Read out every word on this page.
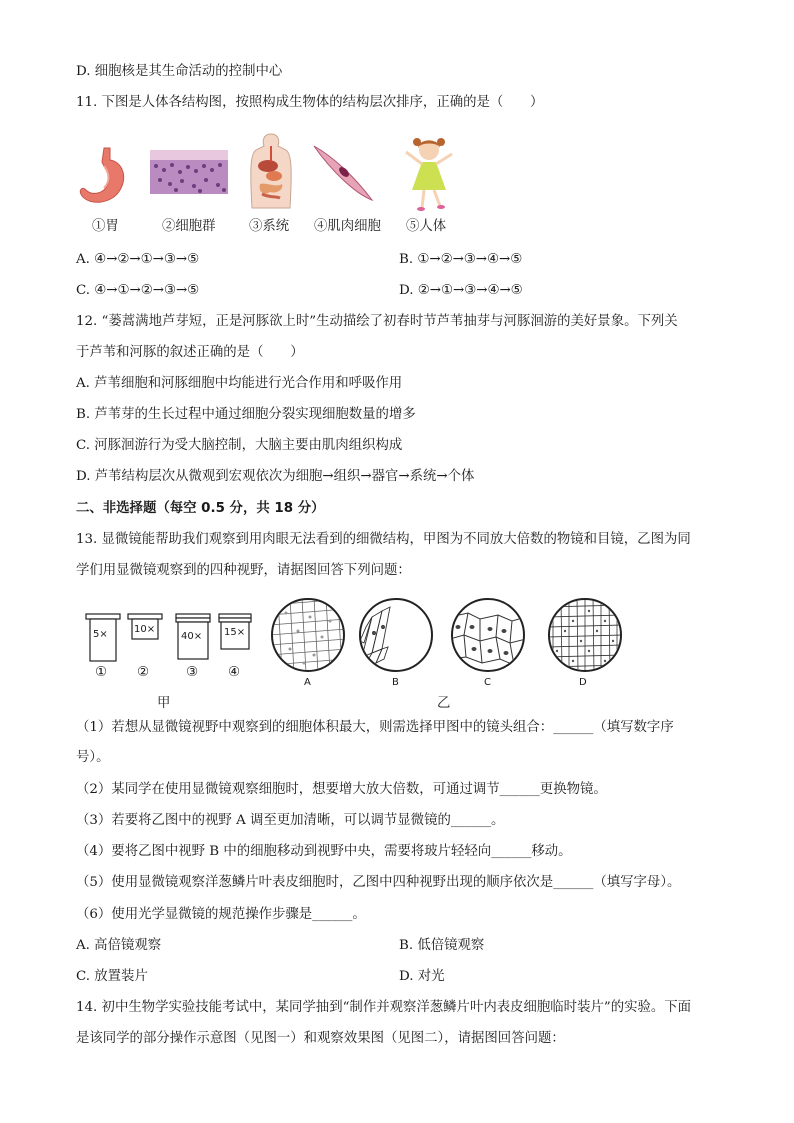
D. 细胞核是其生命活动的控制中心
11. 下图是人体各结构图，按照构成生物体的结构层次排序，正确的是（　　）
①胃	②细胞群 ③系统 ④肌肉细胞 ⑤人体
A. ④→②→①→③→⑤	B. ①→②→③→④→⑤
C. ④→①→②→③→⑤	D. ②→①→③→④→⑤
12. “蒌蒿满地芦芽短，正是河豚欲上时”生动描绘了初春时节芦苇抽芽与河豚洄游的美好景象。下列关
于芦苇和河豚的叙述正确的是（　　）
A. 芦苇细胞和河豚细胞中均能进行光合作用和呼吸作用
B. 芦苇芽的生长过程中通过细胞分裂实现细胞数量的增多
C. 河豚洄游行为受大脑控制，大脑主要由肌肉组织构成
D. 芦苇结构层次从微观到宏观依次为细胞→组织→器官→系统→个体
二、非选择题（每空 0.5 分，共 18 分）
13. 显微镜能帮助我们观察到用肉眼无法看到的细微结构，甲图为不同放大倍数的物镜和目镜，乙图为同
学们用显微镜观察到的四种视野，请据图回答下列问题：
5×	10×
40× 15×
① ②	③ ④
甲
A	B	C	D
乙
（1）若想从显微镜视野中观察到的细胞体积最大，则需选择甲图中的镜头组合：______（填写数字序
号）。
（2）某同学在使用显微镜观察细胞时，想要增大放大倍数，可通过调节______更换物镜。
（3）若要将乙图中的视野 A 调至更加清晰，可以调节显微镜的______。
（4）要将乙图中视野 B 中的细胞移动到视野中央，需要将玻片轻轻向______移动。
（5）使用显微镜观察洋葱鳞片叶表皮细胞时，乙图中四种视野出现的顺序依次是______（填写字母）。
（6）使用光学显微镜的规范操作步骤是______。
A. 高倍镜观察	B. 低倍镜观察
C. 放置装片	D. 对光
14. 初中生物学实验技能考试中，某同学抽到“制作并观察洋葱鳞片叶内表皮细胞临时装片”的实验。下面
是该同学的部分操作示意图（见图一）和观察效果图（见图二），请据图回答问题：
